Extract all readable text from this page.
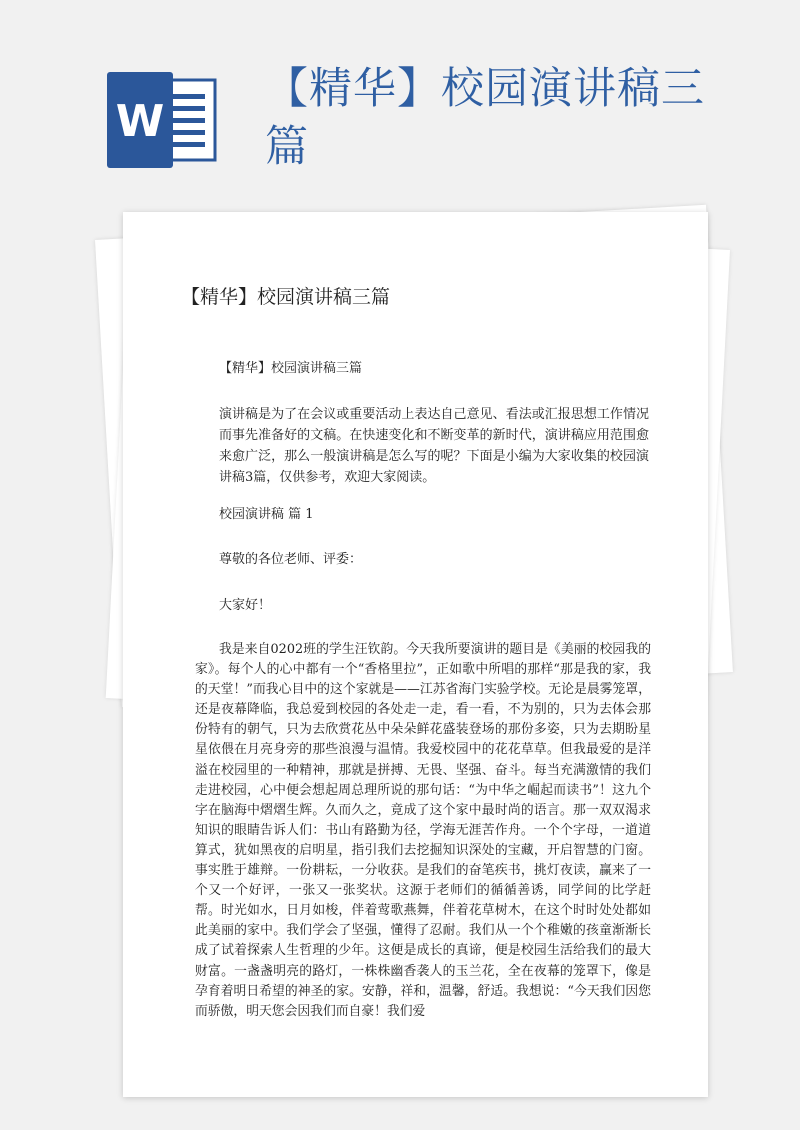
W
【精华】校园演讲稿三篇
【精华】校园演讲稿三篇
【精华】校园演讲稿三篇
演讲稿是为了在会议或重要活动上表达自己意见、看法或汇报思想工作情况而事先准备好的文稿。在快速变化和不断变革的新时代，演讲稿应用范围愈来愈广泛，那么一般演讲稿是怎么写的呢？下面是小编为大家收集的校园演讲稿3篇，仅供参考，欢迎大家阅读。
校园演讲稿 篇 1
尊敬的各位老师、评委：
大家好！
我是来自0202班的学生汪钦韵。今天我所要演讲的题目是《美丽的校园我的家》。每个人的心中都有一个“香格里拉”，正如歌中所唱的那样“那是我的家，我的天堂！”而我心目中的这个家就是——江苏省海门实验学校。无论是晨雾笼罩，还是夜幕降临，我总爱到校园的各处走一走，看一看，不为别的，只为去体会那份特有的朝气，只为去欣赏花丛中朵朵鲜花盛装登场的那份多姿，只为去期盼星星依偎在月亮身旁的那些浪漫与温情。我爱校园中的花花草草。但我最爱的是洋溢在校园里的一种精神，那就是拼搏、无畏、坚强、奋斗。每当充满激情的我们走进校园，心中便会想起周总理所说的那句话：“为中华之崛起而读书”！这九个字在脑海中熠熠生辉。久而久之，竟成了这个家中最时尚的语言。那一双双渴求知识的眼睛告诉人们：书山有路勤为径，学海无涯苦作舟。一个个字母，一道道算式，犹如黑夜的启明星，指引我们去挖掘知识深处的宝藏，开启智慧的门窗。事实胜于雄辩。一份耕耘，一分收获。是我们的奋笔疾书，挑灯夜读，赢来了一个又一个好评，一张又一张奖状。这源于老师们的循循善诱，同学间的比学赶帮。时光如水，日月如梭，伴着莺歌燕舞，伴着花草树木，在这个时时处处都如此美丽的家中。我们学会了坚强，懂得了忍耐。我们从一个个稚嫩的孩童渐渐长成了试着探索人生哲理的少年。这便是成长的真谛，便是校园生活给我们的最大财富。一盏盏明亮的路灯，一株株幽香袭人的玉兰花，全在夜幕的笼罩下，像是孕育着明日希望的神圣的家。安静，祥和，温馨，舒适。我想说：“今天我们因您而骄傲，明天您会因我们而自豪！我们爱
